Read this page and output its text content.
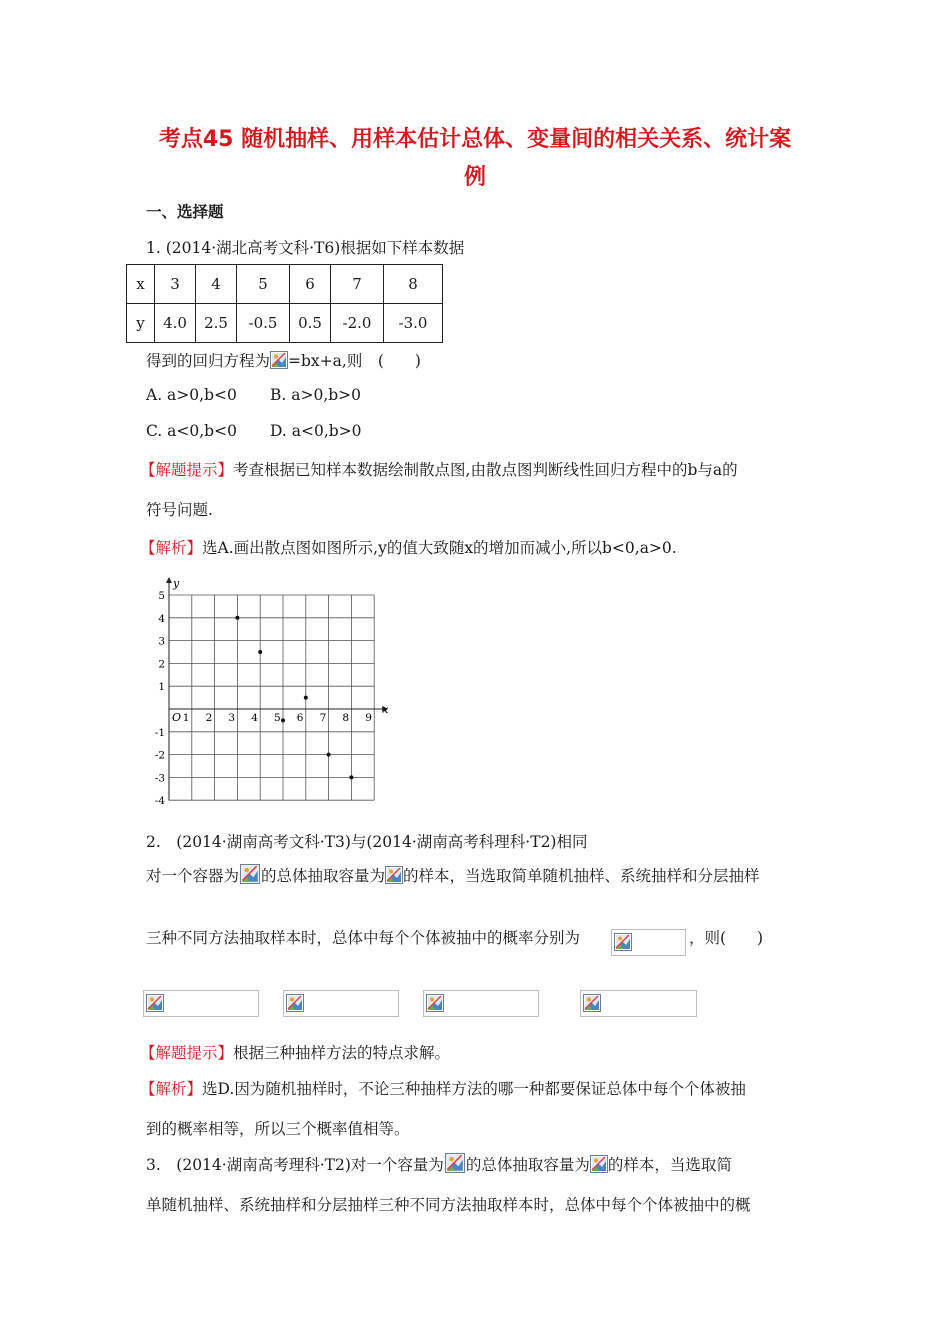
考点45 随机抽样、用样本估计总体、变量间的相关关系、统计案
例
一、选择题
1. (2014·湖北高考文科·T6)根据如下样本数据
x	3	4	5	6	7	8
y	4.0	2.5	-0.5	0.5	-2.0	-3.0
得到的回归方程为 =bx+a,则　(　　)
A. a>0,b<0 B. a>0,b>0
C. a<0,b<0 D. a<0,b>0
【解题提示】考查根据已知样本数据绘制散点图,由散点图判断线性回归方程中的b与a的
符号问题.
【解析】选A.画出散点图如图所示,y的值大致随x的增加而减小,所以b<0,a>0.
x
y
O 1 2 3 4 5 6 7 8 9
5
4
3
2
1
-1
-2
-3
-4
2.　(2014·湖南高考文科·T3)与(2014·湖南高考科理科·T2)相同
对一个容器为 的总体抽取容量为 的样本，当选取简单随机抽样、系统抽样和分层抽样
三种不同方法抽取样本时，总体中每个个体被抽中的概率分别为	，则(　　)
【解题提示】根据三种抽样方法的特点求解。
【解析】选D.因为随机抽样时，不论三种抽样方法的哪一种都要保证总体中每个个体被抽
到的概率相等，所以三个概率值相等。
3.　(2014·湖南高考理科·T2)对一个容量为 的总体抽取容量为 的样本，当选取简
单随机抽样、系统抽样和分层抽样三种不同方法抽取样本时，总体中每个个体被抽中的概
